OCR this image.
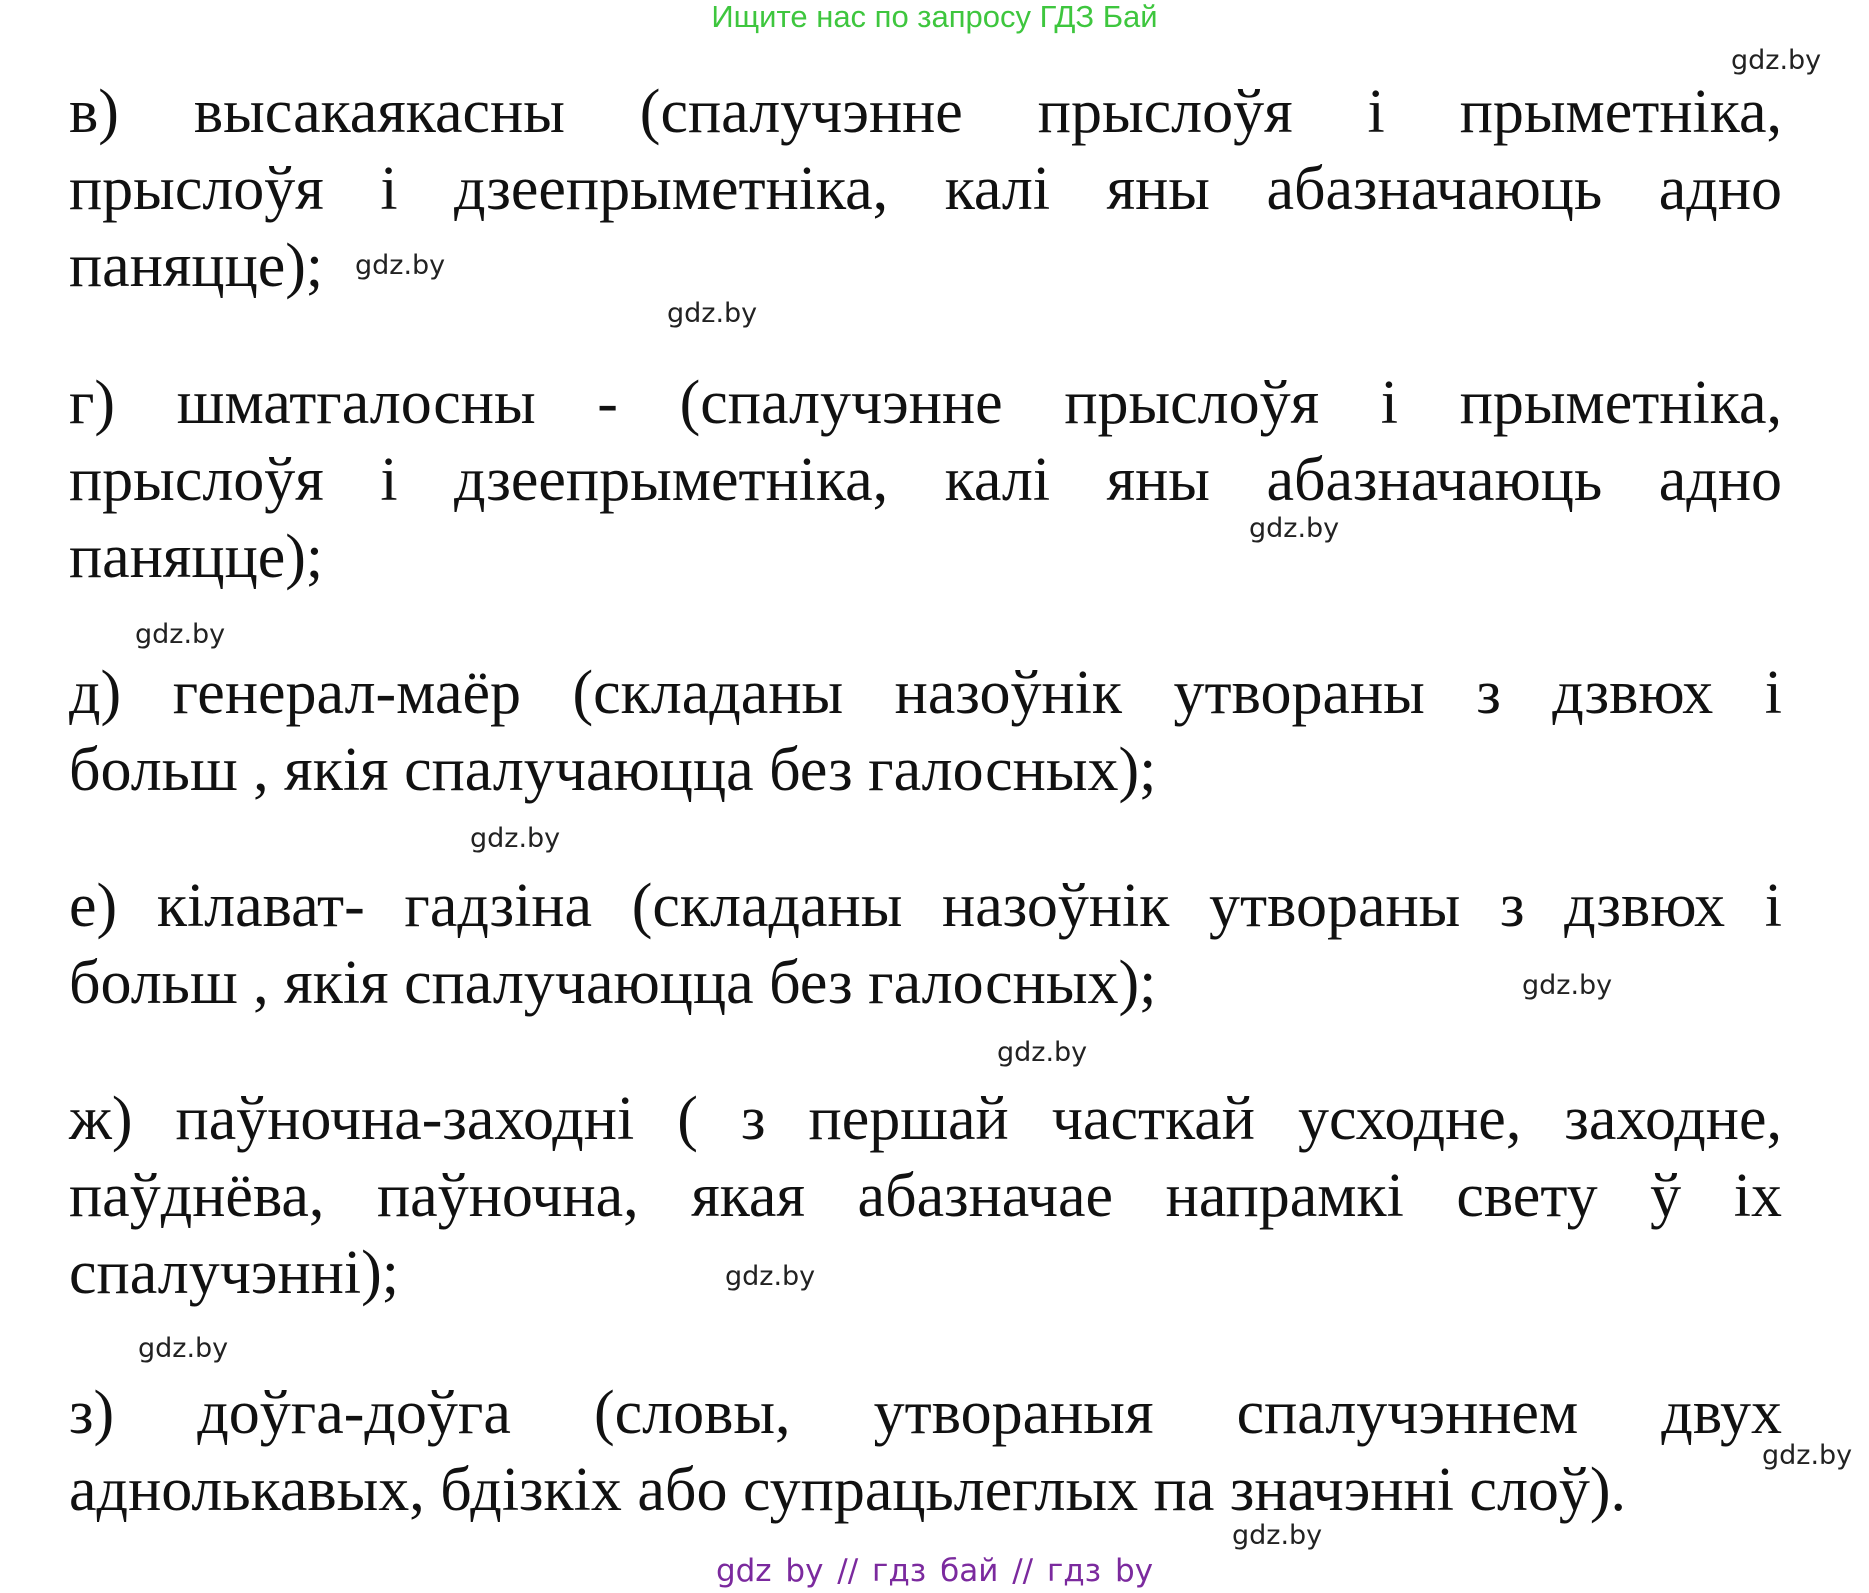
Ищите нас по запросу ГДЗ Бай
в) высакаякасны (спалучэнне прыслоўя і прыметніка,
прыслоўя і дзеепрыметніка, калі яны абазначаюць адно
паняцце);
г) шматгалосны - (спалучэнне прыслоўя і прыметніка,
прыслоўя і дзеепрыметніка, калі яны абазначаюць адно
паняцце);
д) генерал-маёр (складаны назоўнік утвораны з дзвюх і
больш , якія спалучаюцца без галосных);
е) кілават- гадзіна (складаны назоўнік утвораны з дзвюх і
больш , якія спалучаюцца без галосных);
ж) паўночна-заходні ( з першай часткай усходне, заходне,
паўднёва, паўночна, якая абазначае напрамкі свету ў іх
спалучэнні);
з) доўга-доўга (словы, утвораныя спалучэннем двух
аднолькавых, бдізкіх або супрацьлеглых па значэнні слоў).
gdz.by
gdz.by
gdz.by
gdz.by
gdz.by
gdz.by
gdz.by
gdz.by
gdz.by
gdz.by
gdz.by
gdz.by
gdz by // гдз бай // гдз by
